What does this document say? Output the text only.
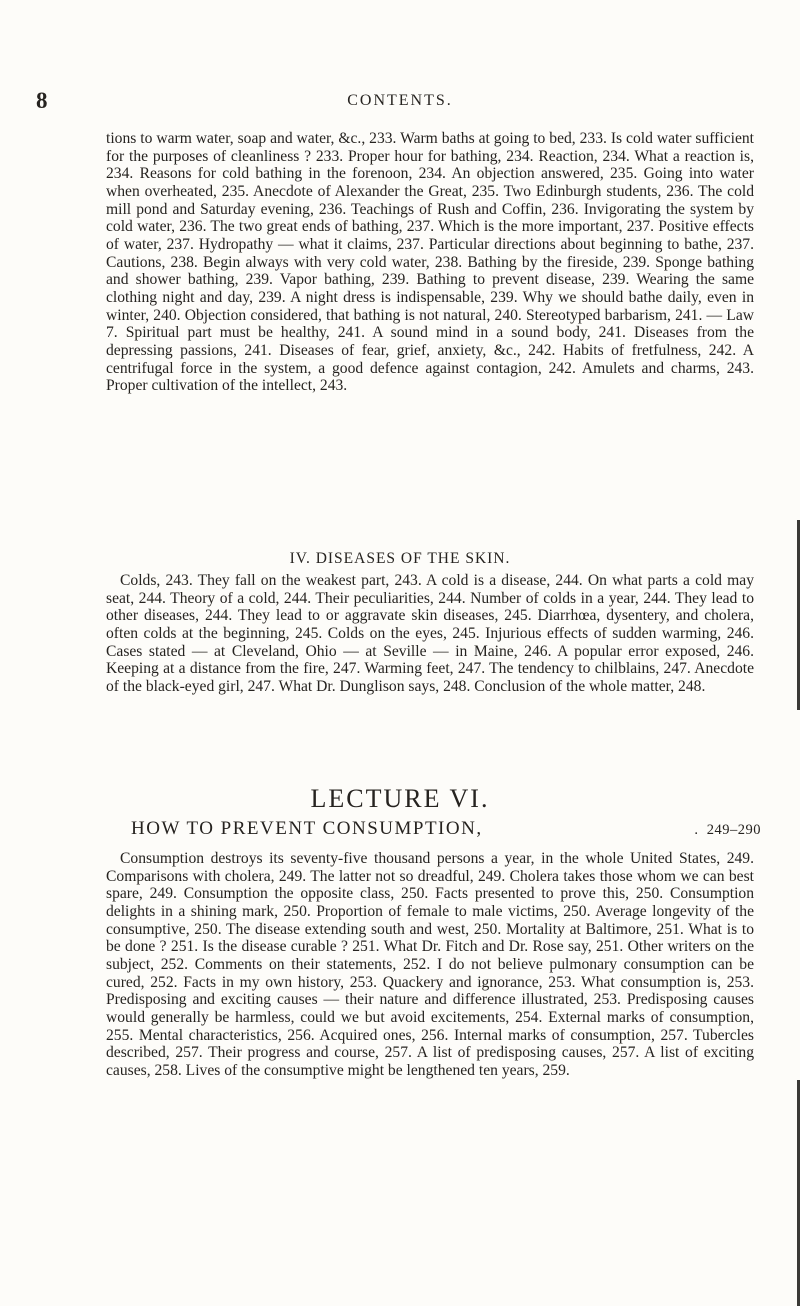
8	CONTENTS.

tions to warm water, soap and water, &c., 233. Warm baths at going to bed, 233. Is cold water sufficient for the purposes of cleanliness ? 233. Proper hour for bathing, 234. Reaction, 234. What a reaction is, 234. Reasons for cold bathing in the forenoon, 234. An objection answered, 235. Going into water when overheated, 235. Anecdote of Alexander the Great, 235. Two Edinburgh students, 236. The cold mill pond and Saturday evening, 236. Teachings of Rush and Coffin, 236. Invigorating the system by cold water, 236. The two great ends of bathing, 237. Which is the more important, 237. Positive effects of water, 237. Hydropathy — what it claims, 237. Particular directions about beginning to bathe, 237. Cautions, 238. Begin always with very cold water, 238. Bathing by the fireside, 239. Sponge bathing and shower bathing, 239. Vapor bathing, 239. Bathing to prevent disease, 239. Wearing the same clothing night and day, 239. A night dress is indispensable, 239. Why we should bathe daily, even in winter, 240. Objection considered, that bathing is not natural, 240. Stereotyped barbarism, 241. — Law 7. Spiritual part must be healthy, 241. A sound mind in a sound body, 241. Diseases from the depressing passions, 241. Diseases of fear, grief, anxiety, &c., 242. Habits of fretfulness, 242. A centrifugal force in the system, a good defence against contagion, 242. Amulets and charms, 243. Proper cultivation of the intellect, 243.

IV. DISEASES OF THE SKIN.

Colds, 243. They fall on the weakest part, 243. A cold is a disease, 244. On what parts a cold may seat, 244. Theory of a cold, 244. Their peculiarities, 244. Number of colds in a year, 244. They lead to other diseases, 244. They lead to or aggravate skin diseases, 245. Diarrhœa, dysentery, and cholera, often colds at the beginning, 245. Colds on the eyes, 245. Injurious effects of sudden warming, 246. Cases stated — at Cleveland, Ohio — at Seville — in Maine, 246. A popular error exposed, 246. Keeping at a distance from the fire, 247. Warming feet, 247. The tendency to chilblains, 247. Anecdote of the black-eyed girl, 247. What Dr. Dunglison says, 248. Conclusion of the whole matter, 248.

LECTURE VI.
HOW TO PREVENT CONSUMPTION,	. 249–290

Consumption destroys its seventy-five thousand persons a year, in the whole United States, 249. Comparisons with cholera, 249. The latter not so dreadful, 249. Cholera takes those whom we can best spare, 249. Consumption the opposite class, 250. Facts presented to prove this, 250. Consumption delights in a shining mark, 250. Proportion of female to male victims, 250. Average longevity of the consumptive, 250. The disease extending south and west, 250. Mortality at Baltimore, 251. What is to be done ? 251. Is the disease curable ? 251. What Dr. Fitch and Dr. Rose say, 251. Other writers on the subject, 252. Comments on their statements, 252. I do not believe pulmonary consumption can be cured, 252. Facts in my own history, 253. Quackery and ignorance, 253. What consumption is, 253. Predisposing and exciting causes — their nature and difference illustrated, 253. Predisposing causes would generally be harmless, could we but avoid excitements, 254. External marks of consumption, 255. Mental characteristics, 256. Acquired ones, 256. Internal marks of consumption, 257. Tubercles described, 257. Their progress and course, 257. A list of predisposing causes, 257. A list of exciting causes, 258. Lives of the consumptive might be lengthened ten years, 259.
